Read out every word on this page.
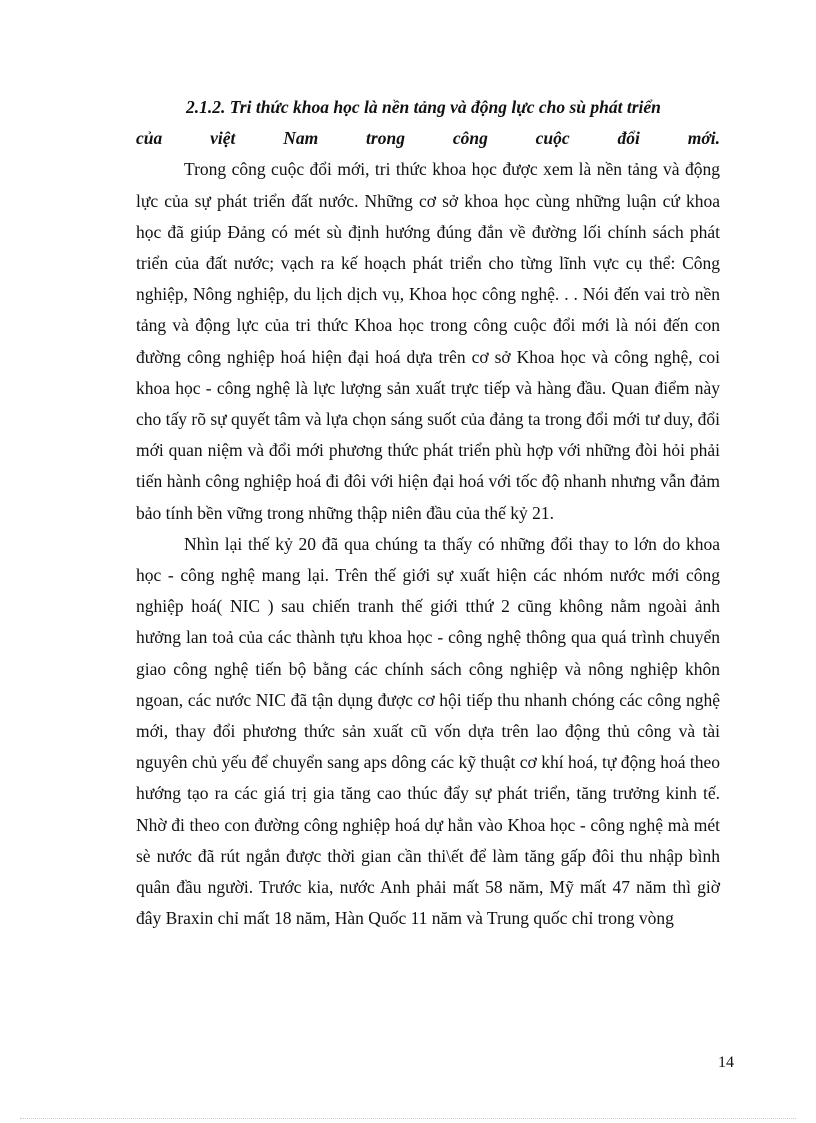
2.1.2. Tri thức khoa học là nền tảng và động lực cho sù phát triển
của việt Nam trong công cuộc đổi mới.

Trong công cuộc đổi mới, tri thức khoa học được xem là nền tảng và động lực của sự phát triển đất nước. Những cơ sở khoa học cùng những luận cứ khoa học đã giúp Đảng có mét sù định hướng đúng đắn về đường lối chính sách phát triển của đất nước; vạch ra kế hoạch phát triển cho từng lĩnh vực cụ thể: Công nghiệp, Nông nghiệp, du lịch dịch vụ, Khoa học công nghệ. . . Nói đến vai trò nền tảng và động lực của tri thức Khoa học trong công cuộc đổi mới là nói đến con đường công nghiệp hoá hiện đại hoá dựa trên cơ sở Khoa học và công nghệ, coi khoa học - công nghệ là lực lượng sản xuất trực tiếp và hàng đầu. Quan điểm này cho tấy rõ sự quyết tâm và lựa chọn sáng suốt của đảng ta trong đổi mới tư duy, đổi mới quan niệm và đổi mới phương thức phát triển phù hợp với những đòi hỏi phải tiến hành công nghiệp hoá đi đôi với hiện đại hoá với tốc độ nhanh nhưng vẫn đảm bảo tính bền vững trong những thập niên đầu của thế kỷ 21.

Nhìn lại thế kỷ 20 đã qua chúng ta thấy có những đổi thay to lớn do khoa học - công nghệ mang lại. Trên thế giới sự xuất hiện các nhóm nước mới công nghiệp hoá( NIC ) sau chiến tranh thế giới tthứ 2 cũng không nằm ngoài ảnh hưởng lan toả của các thành tựu khoa học - công nghệ thông qua quá trình chuyển giao công nghệ tiến bộ bằng các chính sách công nghiệp và nông nghiệp khôn ngoan, các nước NIC đã tận dụng được cơ hội tiếp thu nhanh chóng các công nghệ mới, thay đổi phương thức sản xuất cũ vốn dựa trên lao động thủ công và tài nguyên chủ yếu để chuyển sang aps dông các kỹ thuật cơ khí hoá, tự động hoá theo hướng tạo ra các giá trị gia tăng cao thúc đẩy sự phát triển, tăng trưởng kinh tế. Nhờ đi theo con đường công nghiệp hoá dự hẳn vào Khoa học - công nghệ mà mét sè nước đã rút ngắn được thời gian cần thi\ết để làm tăng gấp đôi thu nhập bình quân đầu người. Trước kia, nước Anh phải mất 58 năm, Mỹ mất 47 năm thì giờ đây Braxin chỉ mất 18 năm, Hàn Quốc 11 năm và Trung quốc chỉ trong vòng

14
